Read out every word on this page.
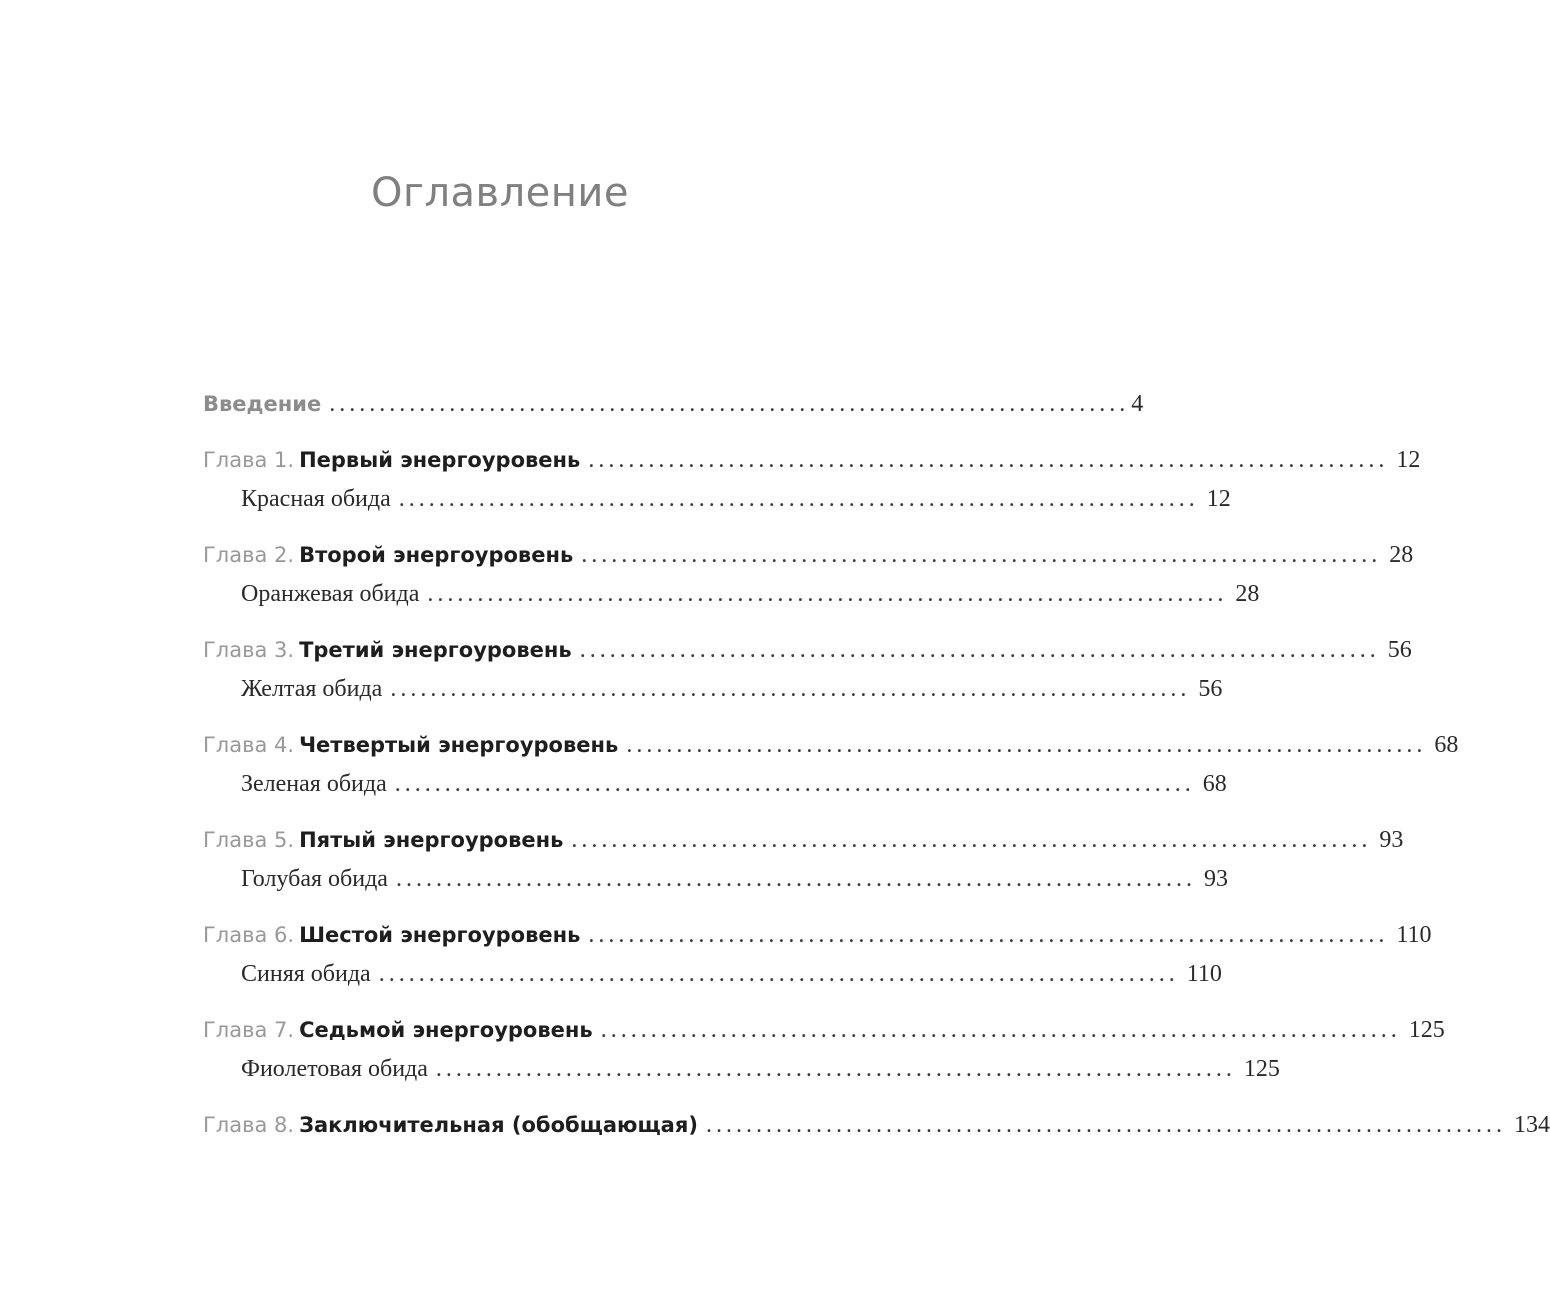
Оглавление
Введение ................................................................................ 4
Глава 1. Первый энергоуровень ................................................................................ 12
Красная обида ................................................................................ 12
Глава 2. Второй энергоуровень ................................................................................ 28
Оранжевая обида ................................................................................ 28
Глава 3. Третий энергоуровень ................................................................................ 56
Желтая обида ................................................................................ 56
Глава 4. Четвертый энергоуровень ................................................................................ 68
Зеленая обида ................................................................................ 68
Глава 5. Пятый энергоуровень ................................................................................ 93
Голубая обида ................................................................................ 93
Глава 6. Шестой энергоуровень ................................................................................ 110
Синяя обида ................................................................................ 110
Глава 7. Седьмой энергоуровень ................................................................................ 125
Фиолетовая обида ................................................................................ 125
Глава 8. Заключительная (обобщающая) ................................................................................ 134
